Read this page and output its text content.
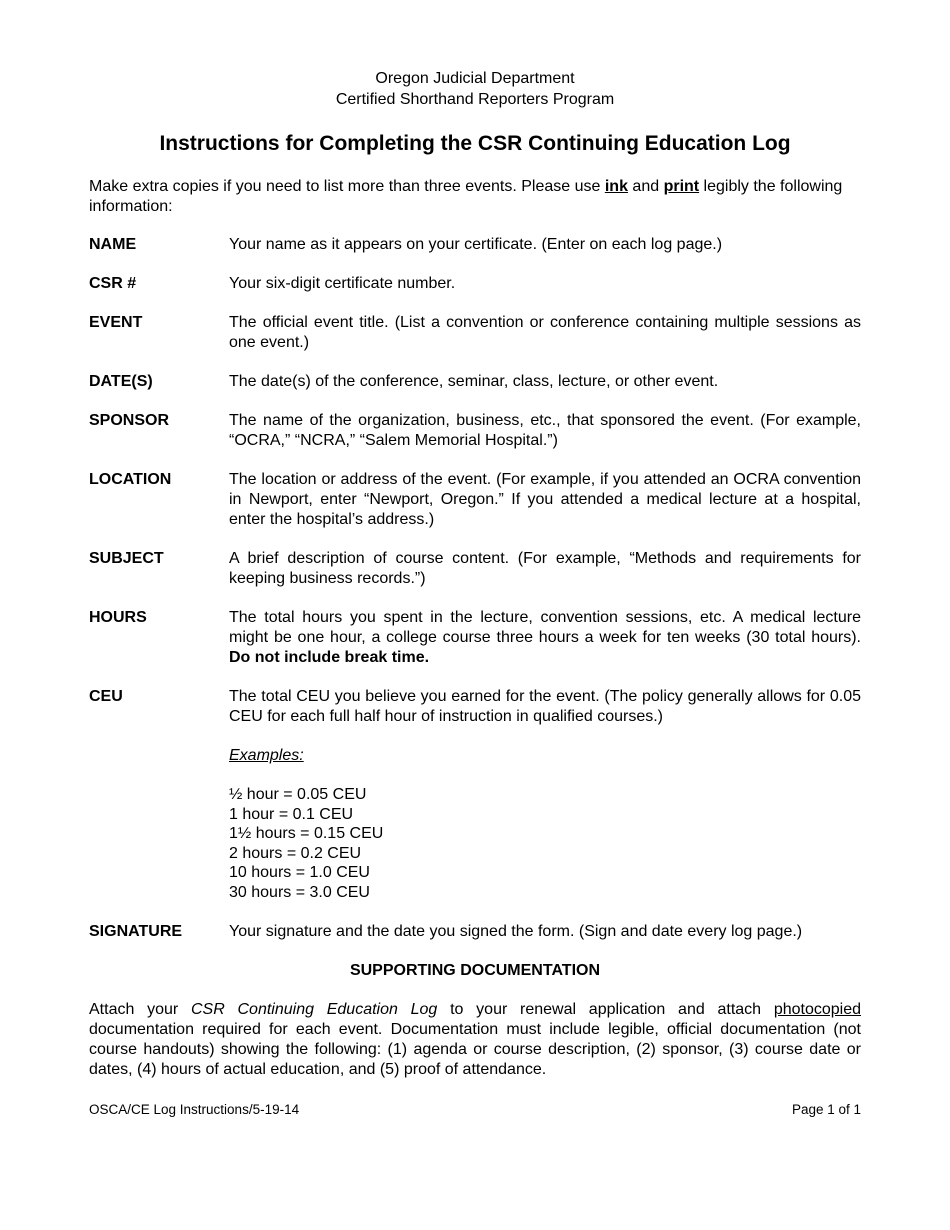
Oregon Judicial Department
Certified Shorthand Reporters Program
Instructions for Completing the CSR Continuing Education Log

Make extra copies if you need to list more than three events. Please use ink and print legibly the following information:

NAME	Your name as it appears on your certificate. (Enter on each log page.)
CSR #	Your six-digit certificate number.
EVENT	The official event title. (List a convention or conference containing multiple sessions as one event.)
DATE(S)	The date(s) of the conference, seminar, class, lecture, or other event.
SPONSOR	The name of the organization, business, etc., that sponsored the event. (For example, “OCRA,” “NCRA,” “Salem Memorial Hospital.”)
LOCATION	The location or address of the event. (For example, if you attended an OCRA convention in Newport, enter “Newport, Oregon.” If you attended a medical lecture at a hospital, enter the hospital’s address.)
SUBJECT	A brief description of course content. (For example, “Methods and requirements for keeping business records.”)
HOURS	The total hours you spent in the lecture, convention sessions, etc. A medical lecture might be one hour, a college course three hours a week for ten weeks (30 total hours). Do not include break time.
CEU	The total CEU you believe you earned for the event. (The policy generally allows for 0.05 CEU for each full half hour of instruction in qualified courses.)
Examples:
½ hour = 0.05 CEU
1 hour = 0.1 CEU
1½ hours = 0.15 CEU
2 hours = 0.2 CEU
10 hours = 1.0 CEU
30 hours = 3.0 CEU
SIGNATURE	Your signature and the date you signed the form. (Sign and date every log page.)
SUPPORTING DOCUMENTATION

Attach your CSR Continuing Education Log to your renewal application and attach photocopied documentation required for each event. Documentation must include legible, official documentation (not course handouts) showing the following: (1) agenda or course description, (2) sponsor, (3) course date or dates, (4) hours of actual education, and (5) proof of attendance.

OSCA/CE Log Instructions/5-19-14	Page 1 of 1
